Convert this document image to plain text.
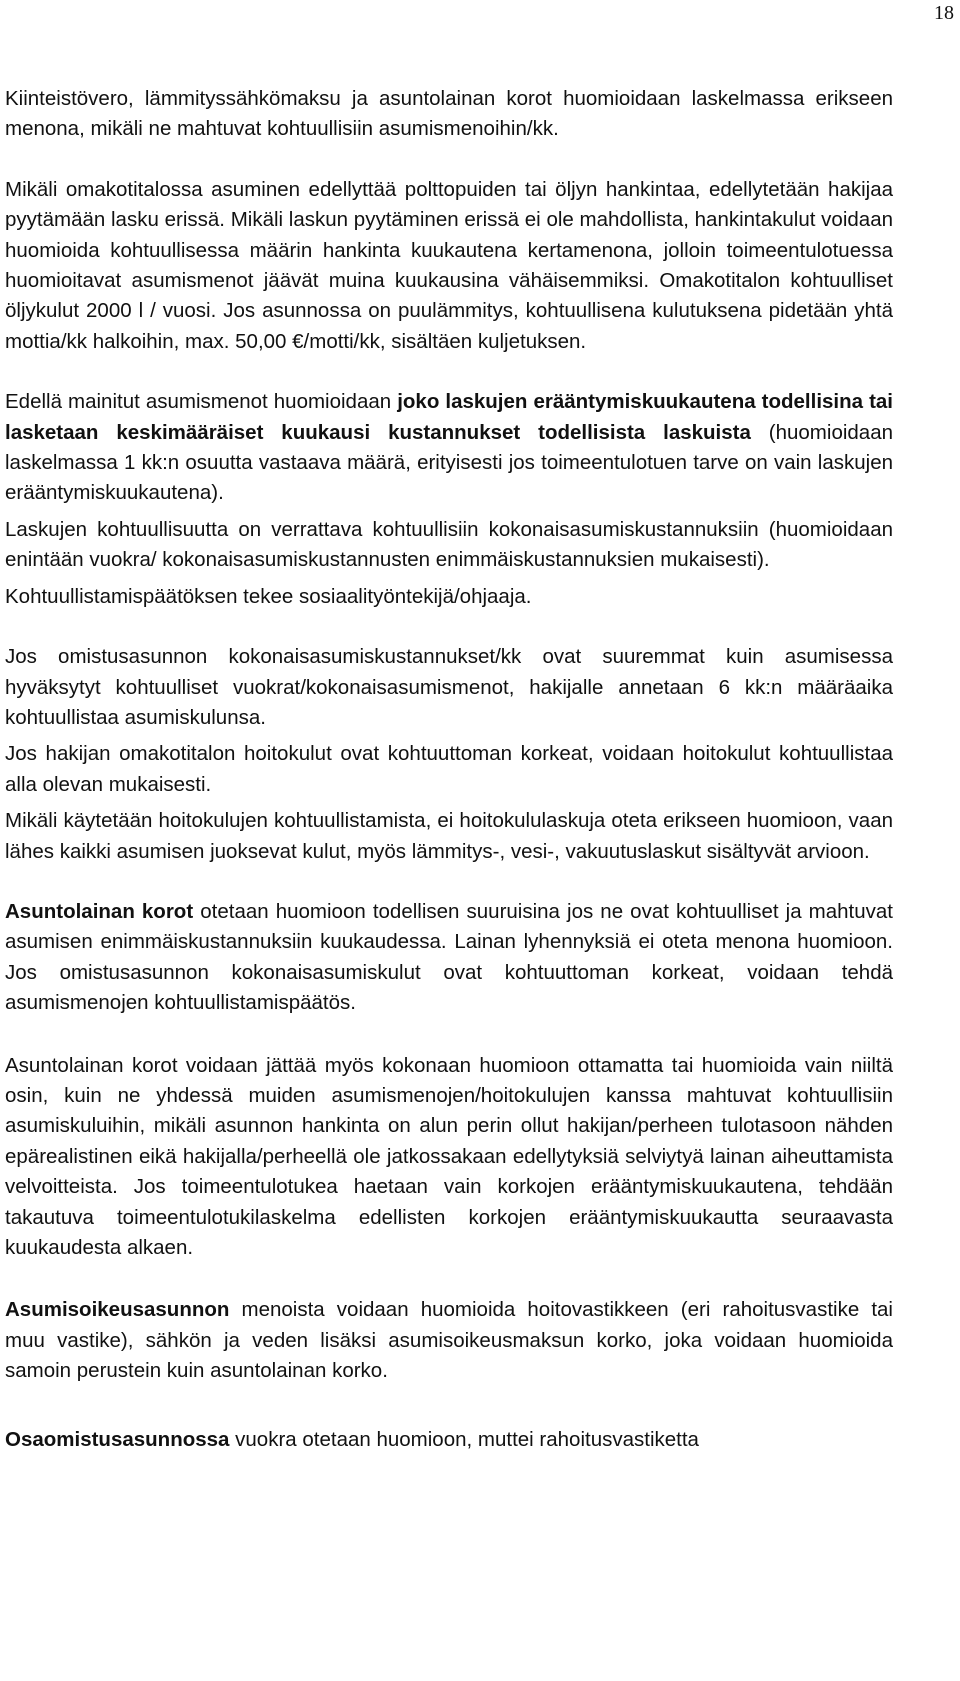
18

Kiinteistövero, lämmityssähkömaksu ja asuntolainan korot huomioidaan laskelmassa erikseen menona, mikäli ne mahtuvat kohtuullisiin asumismenoihin/kk.

Mikäli omakotitalossa asuminen edellyttää polttopuiden tai öljyn hankintaa, edellytetään hakijaa pyytämään lasku erissä. Mikäli laskun pyytäminen erissä ei ole mahdollista, hankintakulut voidaan huomioida kohtuullisessa määrin hankinta kuukautena kertamenona, jolloin toimeentulotuessa huomioitavat asumismenot jäävät muina kuukausina vähäisemmiksi. Omakotitalon kohtuulliset öljykulut 2000 l / vuosi. Jos asunnossa on puulämmitys, kohtuullisena kulutuksena pidetään yhtä mottia/kk halkoihin, max. 50,00 €/motti/kk, sisältäen kuljetuksen.

Edellä mainitut asumismenot huomioidaan joko laskujen erääntymiskuukautena todellisina tai lasketaan keskimääräiset kuukausi kustannukset todellisista laskuista (huomioidaan laskelmassa 1 kk:n osuutta vastaava määrä, erityisesti jos toimeentulotuen tarve on vain laskujen erääntymiskuukautena).

Laskujen kohtuullisuutta on verrattava kohtuullisiin kokonaisasumiskustannuksiin (huomioidaan enintään vuokra/ kokonaisasumiskustannusten enimmäiskustannuksien mukaisesti).

Kohtuullistamispäätöksen tekee sosiaalityöntekijä/ohjaaja.

Jos omistusasunnon kokonaisasumiskustannukset/kk ovat suuremmat kuin asumisessa hyväksytyt kohtuulliset vuokrat/kokonaisasumismenot, hakijalle annetaan 6 kk:n määräaika kohtuullistaa asumiskulunsa.

Jos hakijan omakotitalon hoitokulut ovat kohtuuttoman korkeat, voidaan hoitokulut kohtuullistaa alla olevan mukaisesti.

Mikäli käytetään hoitokulujen kohtuullistamista, ei hoitokululaskuja oteta erikseen huomioon, vaan lähes kaikki asumisen juoksevat kulut, myös lämmitys-, vesi-, vakuutuslaskut sisältyvät arvioon.

Asuntolainan korot otetaan huomioon todellisen suuruisina jos ne ovat kohtuulliset ja mahtuvat asumisen enimmäiskustannuksiin kuukaudessa. Lainan lyhennyksiä ei oteta menona huomioon. Jos omistusasunnon kokonaisasumiskulut ovat kohtuuttoman korkeat, voidaan tehdä asumismenojen kohtuullistamispäätös.

Asuntolainan korot voidaan jättää myös kokonaan huomioon ottamatta tai huomioida vain niiltä osin, kuin ne yhdessä muiden asumismenojen/hoitokulujen kanssa mahtuvat kohtuullisiin asumiskuluihin, mikäli asunnon hankinta on alun perin ollut hakijan/perheen tulotasoon nähden epärealistinen eikä hakijalla/perheellä ole jatkossakaan edellytyksiä selviytyä lainan aiheuttamista velvoitteista. Jos toimeentulotukea haetaan vain korkojen erääntymiskuukautena, tehdään takautuva toimeentulotukilaskelma edellisten korkojen erääntymiskuukautta seuraavasta kuukaudesta alkaen.

Asumisoikeusasunnon menoista voidaan huomioida hoitovastikkeen (eri rahoitusvastike tai muu vastike), sähkön ja veden lisäksi asumisoikeusmaksun korko, joka voidaan huomioida samoin perustein kuin asuntolainan korko.

Osaomistusasunnossa vuokra otetaan huomioon, muttei rahoitusvastiketta
